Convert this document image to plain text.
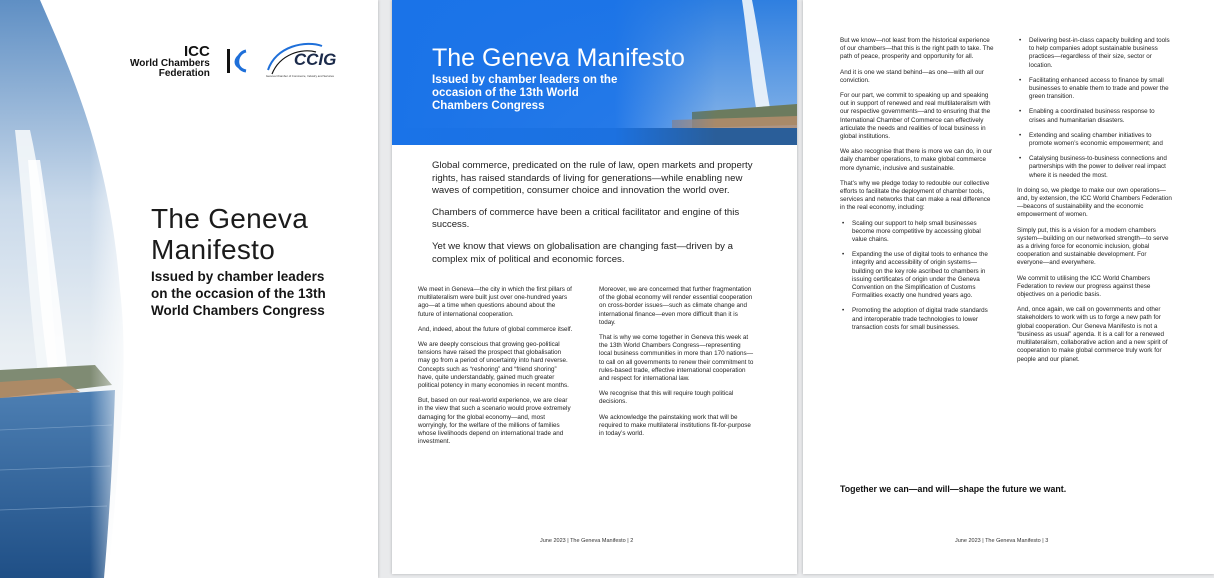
ICC
World Chambers
Federation
CCIG
Geneva Chamber of Commerce, Industry and Services
The Geneva
Manifesto
Issued by chamber leaders on the occasion of the 13th World Chambers Congress
The Geneva Manifesto
Issued by chamber leaders on the occasion of the 13th World Chambers Congress

Global commerce, predicated on the rule of law, open markets and property rights, has raised standards of living for generations—while enabling new waves of competition, consumer choice and innovation the world over.

Chambers of commerce have been a critical facilitator and engine of this success.

Yet we know that views on globalisation are changing fast—driven by a complex mix of political and economic forces.

We meet in Geneva—the city in which the first pillars of multilateralism were built just over one-hundred years ago—at a time when questions abound about the future of international cooperation.

And, indeed, about the future of global commerce itself.

We are deeply conscious that growing geo-political tensions have raised the prospect that globalisation may go from a period of uncertainty into hard reverse. Concepts such as “reshoring” and “friend shoring” have, quite understandably, gained much greater political potency in many economies in recent months.

But, based on our real-world experience, we are clear in the view that such a scenario would prove extremely damaging for the global economy—and, most worryingly, for the welfare of the millions of families whose livelihoods depend on international trade and investment.

Moreover, we are concerned that further fragmentation of the global economy will render essential cooperation on cross-border issues—such as climate change and international finance—even more difficult than it is today.

That is why we come together in Geneva this week at the 13th World Chambers Congress—representing local business communities in more than 170 nations—to call on all governments to renew their commitment to rules-based trade, effective international cooperation and respect for international law.

We recognise that this will require tough political decisions.

We acknowledge the painstaking work that will be required to make multilateral institutions fit-for-purpose in today’s world.

June 2023 | The Geneva Manifesto | 2

But we know—not least from the historical experience of our chambers—that this is the right path to take. The path of peace, prosperity and opportunity for all.

And it is one we stand behind—as one—with all our conviction.

For our part, we commit to speaking up and speaking out in support of renewed and real multilateralism with our respective governments—and to ensuring that the International Chamber of Commerce can effectively articulate the needs and realities of local business in global institutions.

We also recognise that there is more we can do, in our daily chamber operations, to make global commerce more dynamic, inclusive and sustainable.

That’s why we pledge today to redouble our collective efforts to facilitate the deployment of chamber tools, services and networks that can make a real difference in the real economy, including:

• Scaling our support to help small businesses become more competitive by accessing global value chains.
• Expanding the use of digital tools to enhance the integrity and accessibility of origin systems—building on the key role ascribed to chambers in issuing certificates of origin under the Geneva Convention on the Simplification of Customs Formalities exactly one hundred years ago.
• Promoting the adoption of digital trade standards and interoperable trade technologies to lower transaction costs for small businesses.
• Delivering best-in-class capacity building and tools to help companies adopt sustainable business practices—regardless of their size, sector or location.
• Facilitating enhanced access to finance by small businesses to enable them to trade and power the green transition.
• Enabling a coordinated business response to crises and humanitarian disasters.
• Extending and scaling chamber initiatives to promote women’s economic empowerment; and
• Catalysing business-to-business connections and partnerships with the power to deliver real impact where it is needed the most.

In doing so, we pledge to make our own operations—and, by extension, the ICC World Chambers Federation—beacons of sustainability and the economic empowerment of women.

Simply put, this is a vision for a modern chambers system—building on our networked strength—to serve as a driving force for economic inclusion, global cooperation and sustainable development. For everyone—and everywhere.

We commit to utilising the ICC World Chambers Federation to review our progress against these objectives on a periodic basis.

And, once again, we call on governments and other stakeholders to work with us to forge a new path for global cooperation. Our Geneva Manifesto is not a “business as usual” agenda. It is a call for a renewed multilateralism, collaborative action and a new spirit of cooperation to make global commerce truly work for people and our planet.

Together we can—and will—shape the future we want.
June 2023 | The Geneva Manifesto | 3
